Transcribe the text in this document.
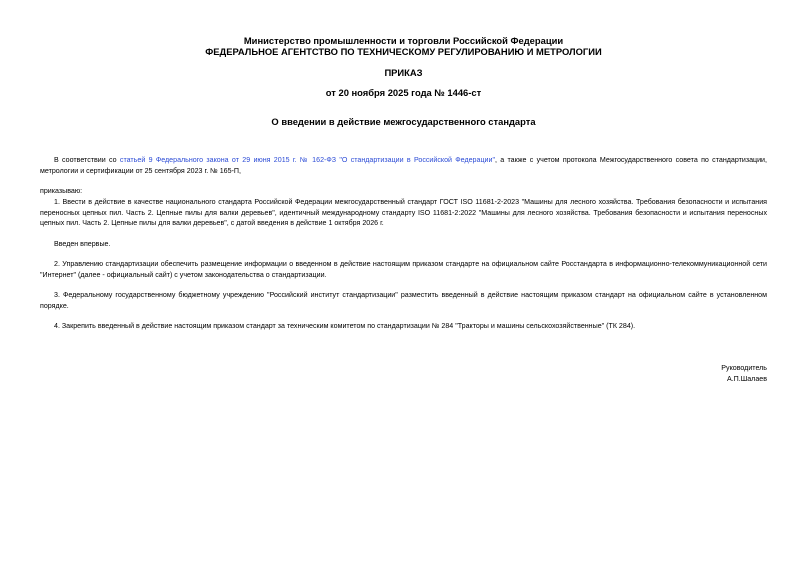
Министерство промышленности и торговли Российской Федерации
ФЕДЕРАЛЬНОЕ АГЕНТСТВО ПО ТЕХНИЧЕСКОМУ РЕГУЛИРОВАНИЮ И МЕТРОЛОГИИ
ПРИКАЗ
от 20 ноября 2025 года № 1446-ст
О введении в действие межгосударственного стандарта
В соответствии со статьей 9 Федерального закона от 29 июня 2015 г. № 162-ФЗ "О стандартизации в Российской Федерации", а также с учетом протокола Межгосударственного совета по стандартизации, метрологии и сертификации от 25 сентября 2023 г. № 165-П,
приказываю:
1. Ввести в действие в качестве национального стандарта Российской Федерации межгосударственный стандарт ГОСТ ISO 11681-2-2023 "Машины для лесного хозяйства. Требования безопасности и испытания переносных цепных пил. Часть 2. Цепные пилы для валки деревьев", идентичный международному стандарту ISO 11681-2:2022 "Машины для лесного хозяйства. Требования безопасности и испытания переносных цепных пил. Часть 2. Цепные пилы для валки деревьев", с датой введения в действие 1 октября 2026 г.
Введен впервые.
2. Управлению стандартизации обеспечить размещение информации о введенном в действие настоящим приказом стандарте на официальном сайте Росстандарта в информационно-телекоммуникационной сети "Интернет" (далее - официальный сайт) с учетом законодательства о стандартизации.
3. Федеральному государственному бюджетному учреждению "Российский институт стандартизации" разместить введенный в действие настоящим приказом стандарт на официальном сайте в установленном порядке.
4. Закрепить введенный в действие настоящим приказом стандарт за техническим комитетом по стандартизации № 284 "Тракторы и машины сельскохозяйственные" (ТК 284).
Руководитель
А.П.Шалаев
